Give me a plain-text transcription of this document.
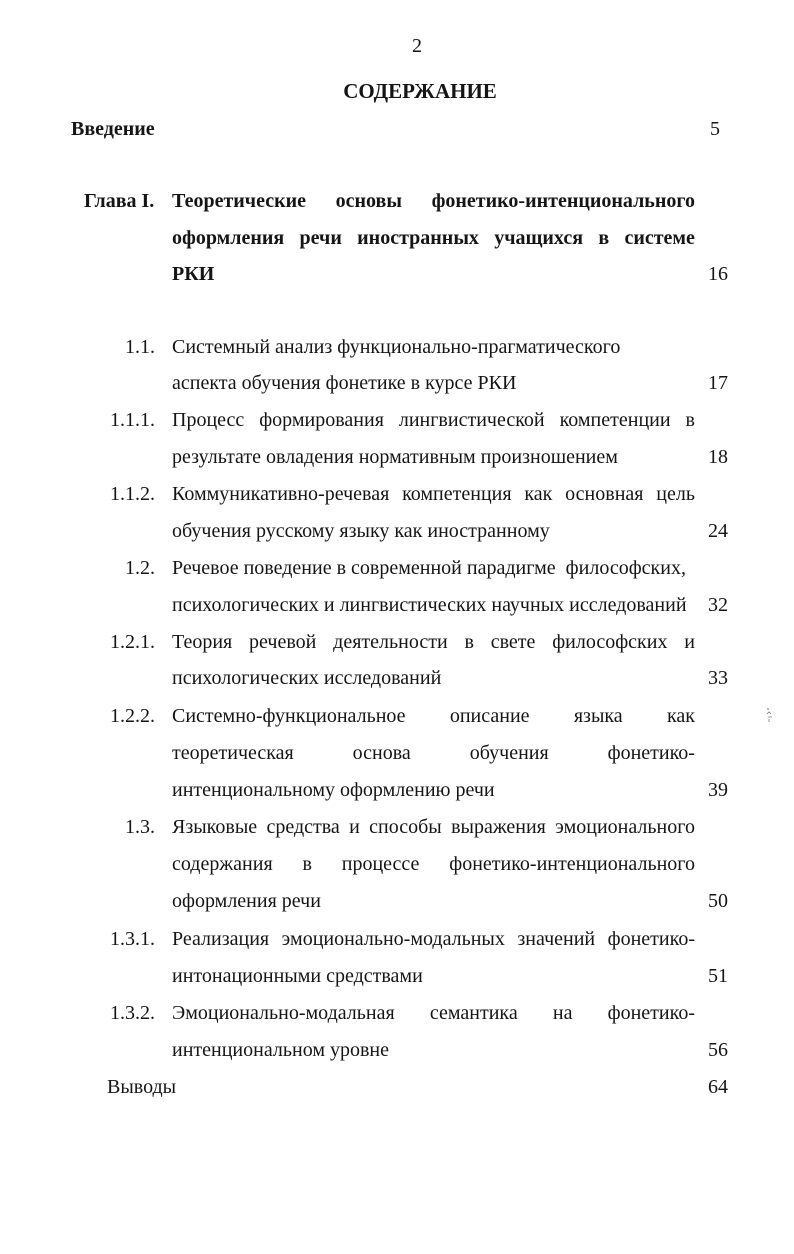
2
СОДЕРЖАНИЕ
Введение	5
Глава I. Теоретические основы фонетико-интенционального
оформления речи иностранных учащихся в системе
РКИ	16
1.1. Системный анализ функционально-прагматического
аспекта обучения фонетике в курсе РКИ	17
1.1.1. Процесс формирования лингвистической компетенции в
результате овладения нормативным произношением	18
1.1.2. Коммуникативно-речевая компетенция как основная цель
обучения русскому языку как иностранному	24
1.2. Речевое поведение в современной парадигме  философских,
психологических и лингвистических научных исследований	32
1.2.1. Теория речевой деятельности в свете философских и
психологических исследований	33
1.2.2. Системно-функциональное описание языка как
теоретическая	основа	обучения	фонетико-
интенциональному оформлению речи	39
1.3. Языковые средства и способы выражения эмоционального
содержания в процессе фонетико-интенционального
оформления речи	50
1.3.1. Реализация эмоционально-модальных значений фонетико-
интонационными средствами	51
1.3.2. Эмоционально-модальная семантика на фонетико-
интенциональном уровне	56
Выводы	64
